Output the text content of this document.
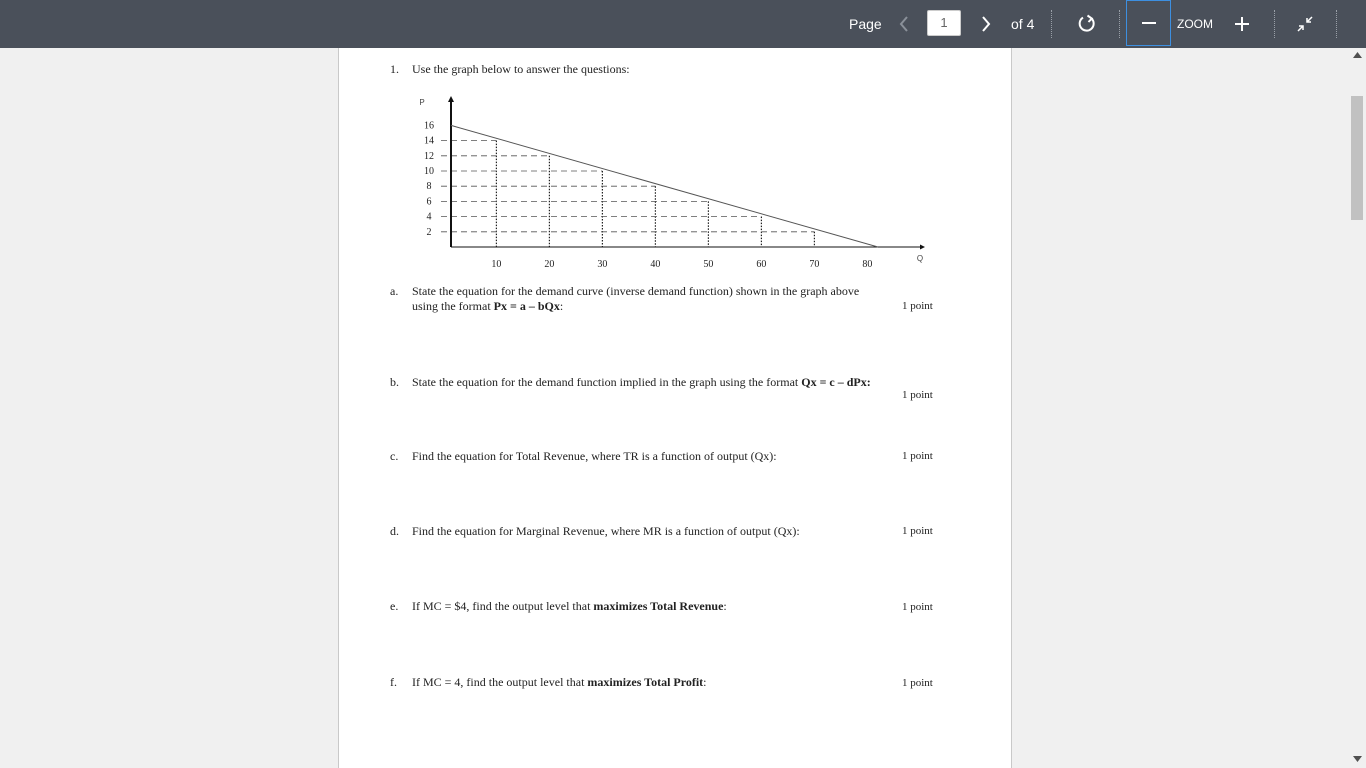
Page	1	of 4	ZOOM
1. Use the graph below to answer the questions:
16
14
12
10
8
6
4
2
10	20	30	40	50	60	70	80
P
Q
a. State the equation for the demand curve (inverse demand function) shown in the graph above
using the format Px = a – bQx:	1 point
b. State the equation for the demand function implied in the graph using the format Qx = c – dPx:
1 point
c. Find the equation for Total Revenue, where TR is a function of output (Qx):	1 point
d. Find the equation for Marginal Revenue, where MR is a function of output (Qx):	1 point
e. If MC = $4, find the output level that maximizes Total Revenue:	1 point
f. If MC = 4, find the output level that maximizes Total Profit:	1 point
